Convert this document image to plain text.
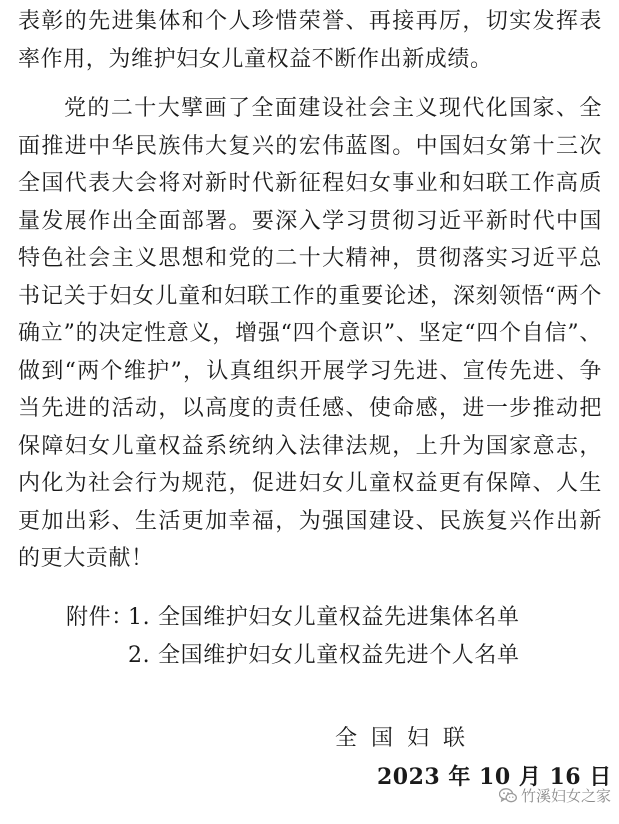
表彰的先进集体和个人珍惜荣誉、再接再厉，切实发挥表率作用，为维护妇女儿童权益不断作出新成绩。

党的二十大擘画了全面建设社会主义现代化国家、全面推进中华民族伟大复兴的宏伟蓝图。中国妇女第十三次全国代表大会将对新时代新征程妇女事业和妇联工作高质量发展作出全面部署。要深入学习贯彻习近平新时代中国特色社会主义思想和党的二十大精神，贯彻落实习近平总书记关于妇女儿童和妇联工作的重要论述，深刻领悟“两个确立”的决定性意义，增强“四个意识”、坚定“四个自信”、做到“两个维护”，认真组织开展学习先进、宣传先进、争当先进的活动，以高度的责任感、使命感，进一步推动把保障妇女儿童权益系统纳入法律法规，上升为国家意志，内化为社会行为规范，促进妇女儿童权益更有保障、人生更加出彩、生活更加幸福，为强国建设、民族复兴作出新的更大贡献！

附件：
1. 全国维护妇女儿童权益先进集体名单
2. 全国维护妇女儿童权益先进个人名单
全国妇联
2023 年 10 月 16 日
竹溪妇女之家
